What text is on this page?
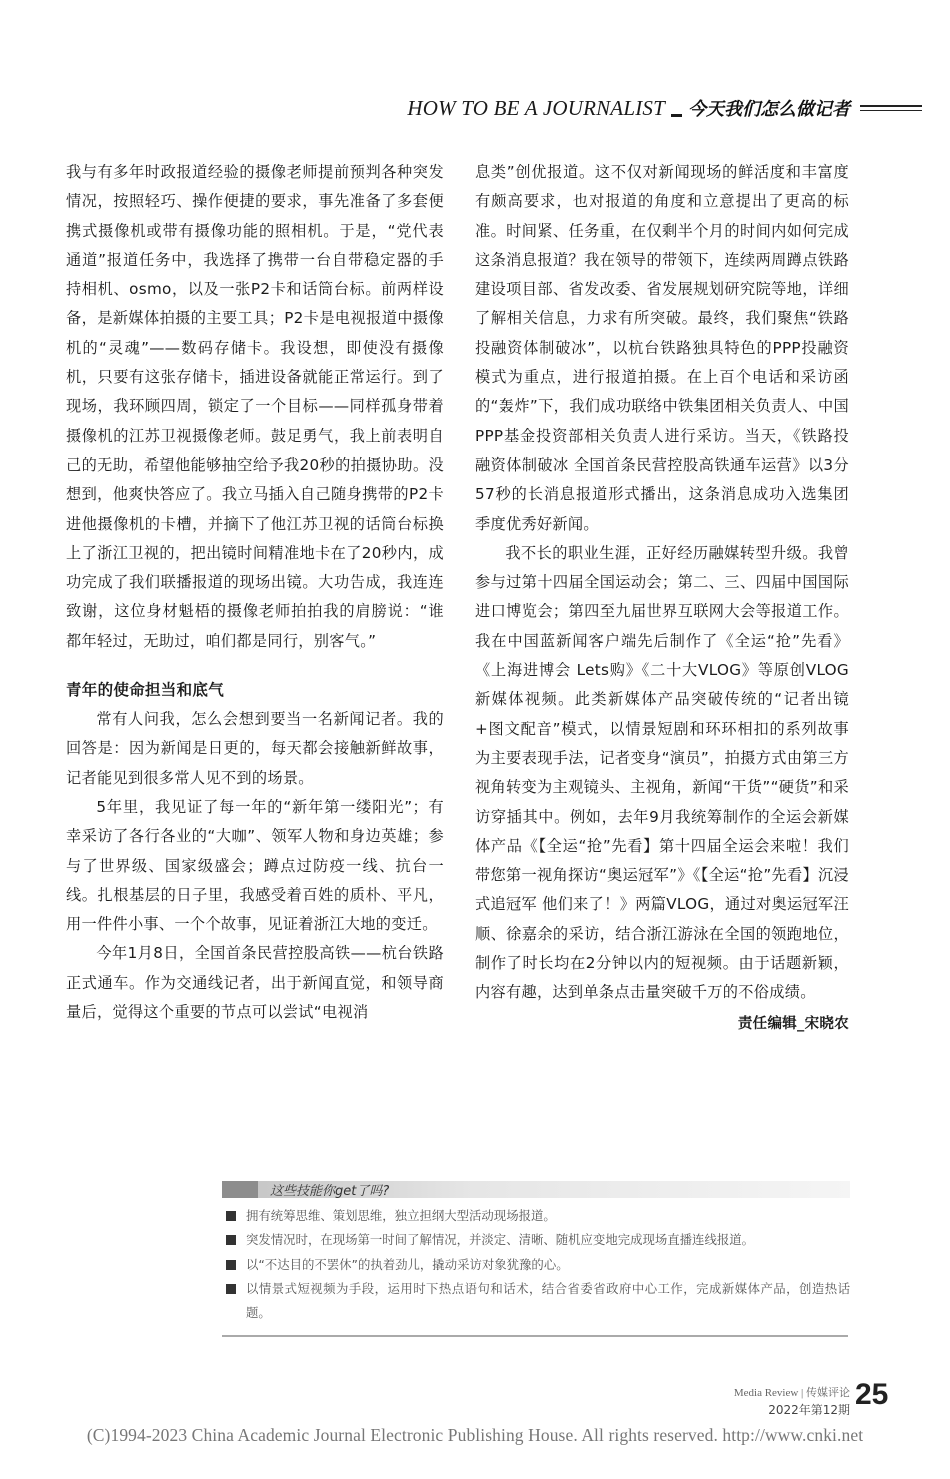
HOW TO BE A JOURNALIST 今天我们怎么做记者

我与有多年时政报道经验的摄像老师提前预判各种突发情况，按照轻巧、操作便捷的要求，事先准备了多套便携式摄像机或带有摄像功能的照相机。于是，“党代表通道”报道任务中，我选择了携带一台自带稳定器的手持相机、osmo，以及一张P2卡和话筒台标。前两样设备，是新媒体拍摄的主要工具；P2卡是电视报道中摄像机的“灵魂”——数码存储卡。我设想，即使没有摄像机，只要有这张存储卡，插进设备就能正常运行。到了现场，我环顾四周，锁定了一个目标——同样孤身带着摄像机的江苏卫视摄像老师。鼓足勇气，我上前表明自己的无助，希望他能够抽空给予我20秒的拍摄协助。没想到，他爽快答应了。我立马插入自己随身携带的P2卡进他摄像机的卡槽，并摘下了他江苏卫视的话筒台标换上了浙江卫视的，把出镜时间精准地卡在了20秒内，成功完成了我们联播报道的现场出镜。大功告成，我连连致谢，这位身材魁梧的摄像老师拍拍我的肩膀说：“谁都年轻过，无助过，咱们都是同行，别客气。”

青年的使命担当和底气

常有人问我，怎么会想到要当一名新闻记者。我的回答是：因为新闻是日更的，每天都会接触新鲜故事，记者能见到很多常人见不到的场景。

5年里，我见证了每一年的“新年第一缕阳光”；有幸采访了各行各业的“大咖”、领军人物和身边英雄；参与了世界级、国家级盛会；蹲点过防疫一线、抗台一线。扎根基层的日子里，我感受着百姓的质朴、平凡，用一件件小事、一个个故事，见证着浙江大地的变迁。

今年1月8日，全国首条民营控股高铁——杭台铁路正式通车。作为交通线记者，出于新闻直觉，和领导商量后，觉得这个重要的节点可以尝试“电视消

息类”创优报道。这不仅对新闻现场的鲜活度和丰富度有颇高要求，也对报道的角度和立意提出了更高的标准。时间紧、任务重，在仅剩半个月的时间内如何完成这条消息报道？我在领导的带领下，连续两周蹲点铁路建设项目部、省发改委、省发展规划研究院等地，详细了解相关信息，力求有所突破。最终，我们聚焦“铁路投融资体制破冰”，以杭台铁路独具特色的PPP投融资模式为重点，进行报道拍摄。在上百个电话和采访函的“轰炸”下，我们成功联络中铁集团相关负责人、中国PPP基金投资部相关负责人进行采访。当天，《铁路投融资体制破冰 全国首条民营控股高铁通车运营》以3分57秒的长消息报道形式播出，这条消息成功入选集团季度优秀好新闻。

我不长的职业生涯，正好经历融媒转型升级。我曾参与过第十四届全国运动会；第二、三、四届中国国际进口博览会；第四至九届世界互联网大会等报道工作。我在中国蓝新闻客户端先后制作了《全运“抢”先看》《上海进博会 Lets购》《二十大VLOG》等原创VLOG新媒体视频。此类新媒体产品突破传统的“记者出镜+图文配音”模式，以情景短剧和环环相扣的系列故事为主要表现手法，记者变身“演员”，拍摄方式由第三方视角转变为主观镜头、主视角，新闻“干货”“硬货”和采访穿插其中。例如，去年9月我统筹制作的全运会新媒体产品《【全运“抢”先看】第十四届全运会来啦！我们带您第一视角探访“奥运冠军”》《【全运“抢”先看】沉浸式追冠军 他们来了！》两篇VLOG，通过对奥运冠军汪顺、徐嘉余的采访，结合浙江游泳在全国的领跑地位，制作了时长均在2分钟以内的短视频。由于话题新颖，内容有趣，达到单条点击量突破千万的不俗成绩。

责任编辑_宋晓农
这些技能你get了吗?
拥有统筹思维、策划思维，独立担纲大型活动现场报道。
突发情况时，在现场第一时间了解情况，并淡定、清晰、随机应变地完成现场直播连线报道。
以“不达目的不罢休”的执着劲儿，撬动采访对象犹豫的心。
以情景式短视频为手段，运用时下热点语句和话术，结合省委省政府中心工作，完成新媒体产品，创造热话题。
Media Review | 传媒评论
2022年第12期 25
(C)1994-2023 China Academic Journal Electronic Publishing House. All rights reserved. http://www.cnki.net
